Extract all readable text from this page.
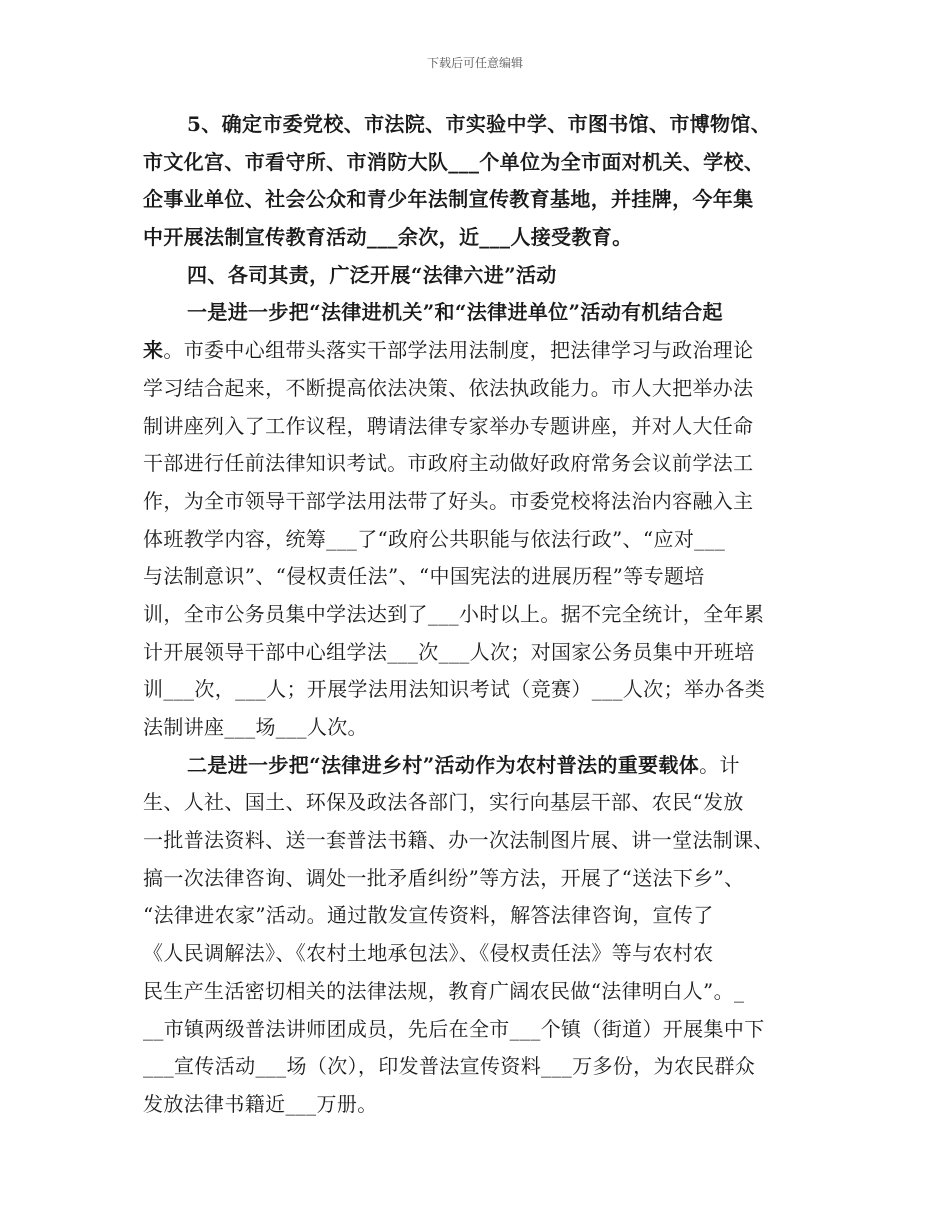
下载后可任意编辑
5、确定市委党校、市法院、市实验中学、市图书馆、市博物馆、
市文化宫、市看守所、市消防大队___个单位为全市面对机关、学校、
企事业单位、社会公众和青少年法制宣传教育基地，并挂牌，今年集
中开展法制宣传教育活动___余次，近___人接受教育。
四、各司其责，广泛开展“法律六进”活动
一是进一步把“法律进机关”和“法律进单位”活动有机结合起
来。市委中心组带头落实干部学法用法制度，把法律学习与政治理论
学习结合起来，不断提高依法决策、依法执政能力。市人大把举办法
制讲座列入了工作议程，聘请法律专家举办专题讲座，并对人大任命
干部进行任前法律知识考试。市政府主动做好政府常务会议前学法工
作，为全市领导干部学法用法带了好头。市委党校将法治内容融入主
体班教学内容，统筹___了“政府公共职能与依法行政”、“应对___
与法制意识”、“侵权责任法”、“中国宪法的进展历程”等专题培
训，全市公务员集中学法达到了___小时以上。据不完全统计，全年累
计开展领导干部中心组学法___次___人次；对国家公务员集中开班培
训___次，___人；开展学法用法知识考试（竞赛）___人次；举办各类
法制讲座___场___人次。
二是进一步把“法律进乡村”活动作为农村普法的重要载体。计
生、人社、国土、环保及政法各部门，实行向基层干部、农民“发放
一批普法资料、送一套普法书籍、办一次法制图片展、讲一堂法制课、
搞一次法律咨询、调处一批矛盾纠纷”等方法，开展了“送法下乡”、
“法律进农家”活动。通过散发宣传资料，解答法律咨询，宣传了
《人民调解法》、《农村土地承包法》、《侵权责任法》等与农村农
民生产生活密切相关的法律法规，教育广阔农民做“法律明白人”。_
__市镇两级普法讲师团成员，先后在全市___个镇（街道）开展集中下
___宣传活动___场（次），印发普法宣传资料___万多份，为农民群众
发放法律书籍近___万册。
